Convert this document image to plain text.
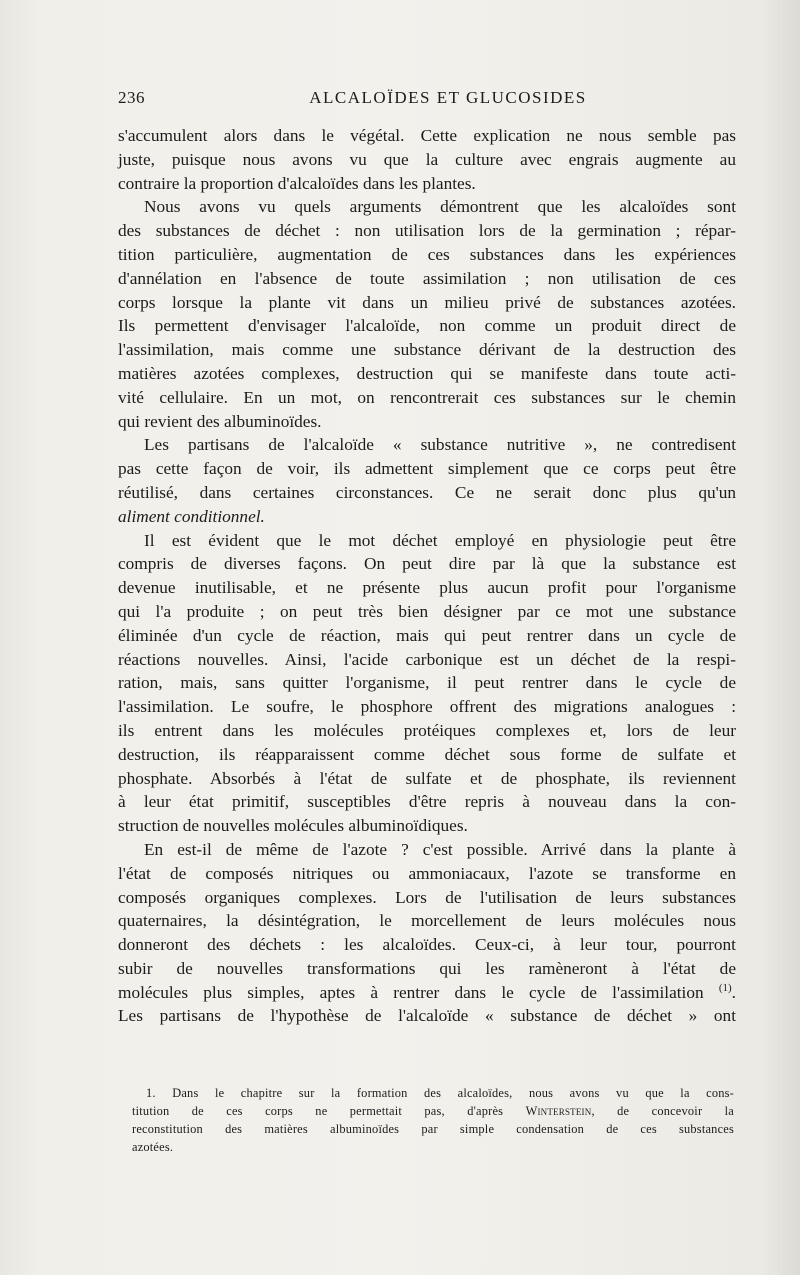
236	ALCALOÏDES ET GLUCOSIDES
s'accumulent alors dans le végétal. Cette explication ne nous semble pas
juste, puisque nous avons vu que la culture avec engrais augmente au
contraire la proportion d'alcaloïdes dans les plantes.
Nous avons vu quels arguments démontrent que les alcaloïdes sont
des substances de déchet : non utilisation lors de la germination ; répar-
tition particulière, augmentation de ces substances dans les expériences
d'annélation en l'absence de toute assimilation ; non utilisation de ces
corps lorsque la plante vit dans un milieu privé de substances azotées.
Ils permettent d'envisager l'alcaloïde, non comme un produit direct de
l'assimilation, mais comme une substance dérivant de la destruction des
matières azotées complexes, destruction qui se manifeste dans toute acti-
vité cellulaire. En un mot, on rencontrerait ces substances sur le chemin
qui revient des albuminoïdes.
Les partisans de l'alcaloïde « substance nutritive », ne contredisent
pas cette façon de voir, ils admettent simplement que ce corps peut être
réutilisé, dans certaines circonstances. Ce ne serait donc plus qu'un
aliment conditionnel.
Il est évident que le mot déchet employé en physiologie peut être
compris de diverses façons. On peut dire par là que la substance est
devenue inutilisable, et ne présente plus aucun profit pour l'organisme
qui l'a produite ; on peut très bien désigner par ce mot une substance
éliminée d'un cycle de réaction, mais qui peut rentrer dans un cycle de
réactions nouvelles. Ainsi, l'acide carbonique est un déchet de la respi-
ration, mais, sans quitter l'organisme, il peut rentrer dans le cycle de
l'assimilation. Le soufre, le phosphore offrent des migrations analogues :
ils entrent dans les molécules protéiques complexes et, lors de leur
destruction, ils réapparaissent comme déchet sous forme de sulfate et
phosphate. Absorbés à l'état de sulfate et de phosphate, ils reviennent
à leur état primitif, susceptibles d'être repris à nouveau dans la con-
struction de nouvelles molécules albuminoïdiques.
En est-il de même de l'azote ? c'est possible. Arrivé dans la plante à
l'état de composés nitriques ou ammoniacaux, l'azote se transforme en
composés organiques complexes. Lors de l'utilisation de leurs substances
quaternaires, la désintégration, le morcellement de leurs molécules nous
donneront des déchets : les alcaloïdes. Ceux-ci, à leur tour, pourront
subir de nouvelles transformations qui les ramèneront à l'état de
molécules plus simples, aptes à rentrer dans le cycle de l'assimilation $^{(1)}$.
Les partisans de l'hypothèse de l'alcaloïde « substance de déchet » ont
1. Dans le chapitre sur la formation des alcaloïdes, nous avons vu que la cons-
titution de ces corps ne permettait pas, d'après Winterstein, de concevoir la
reconstitution des matières albuminoïdes par simple condensation de ces substances
azotées.
